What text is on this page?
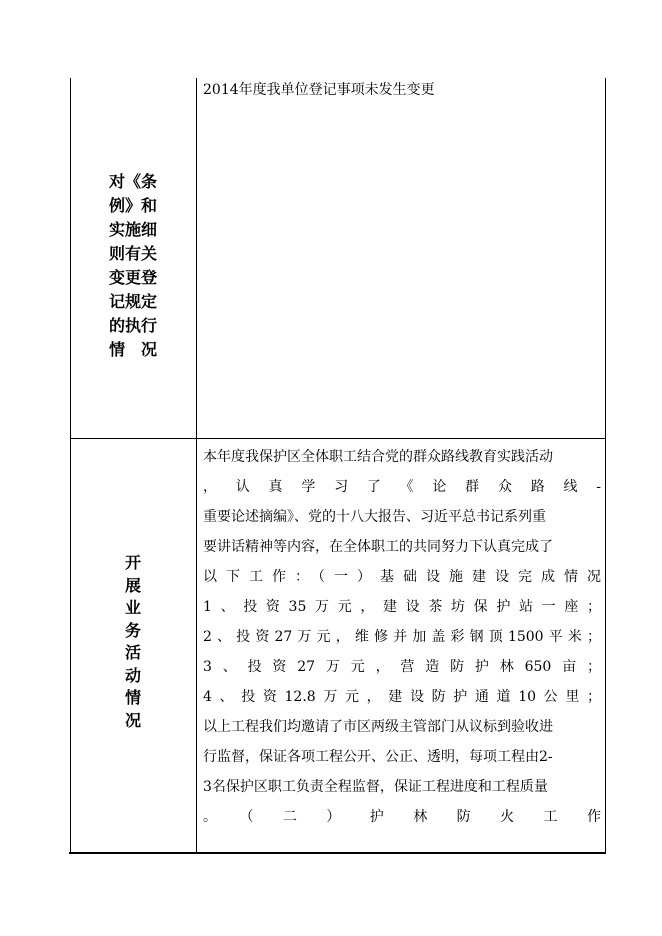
对《条
例》和
实施细
则有关
变更登
记规定
的执行
情　况
2014年度我单位登记事项未发生变更
开
展
业
务
活
动
情
况
本年度我保护区全体职工结合党的群众路线教育实践活动
，认真学习了《论群众路线-
重要论述摘编》、党的十八大报告、习近平总书记系列重
要讲话精神等内容，在全体职工的共同努力下认真完成了
以下工作：（一）基础设施建设完成情况
1、投资35万元，建设茶坊保护站一座；
2、投资27万元，维修并加盖彩钢顶1500平米；
3、投资27万元，营造防护林650亩；
4、投资12.8万元，建设防护通道10公里；
以上工程我们均邀请了市区两级主管部门从议标到验收进
行监督，保证各项工程公开、公正、透明，每项工程由2-
3名保护区职工负责全程监督，保证工程进度和工程质量
。（二）护林防火工作
